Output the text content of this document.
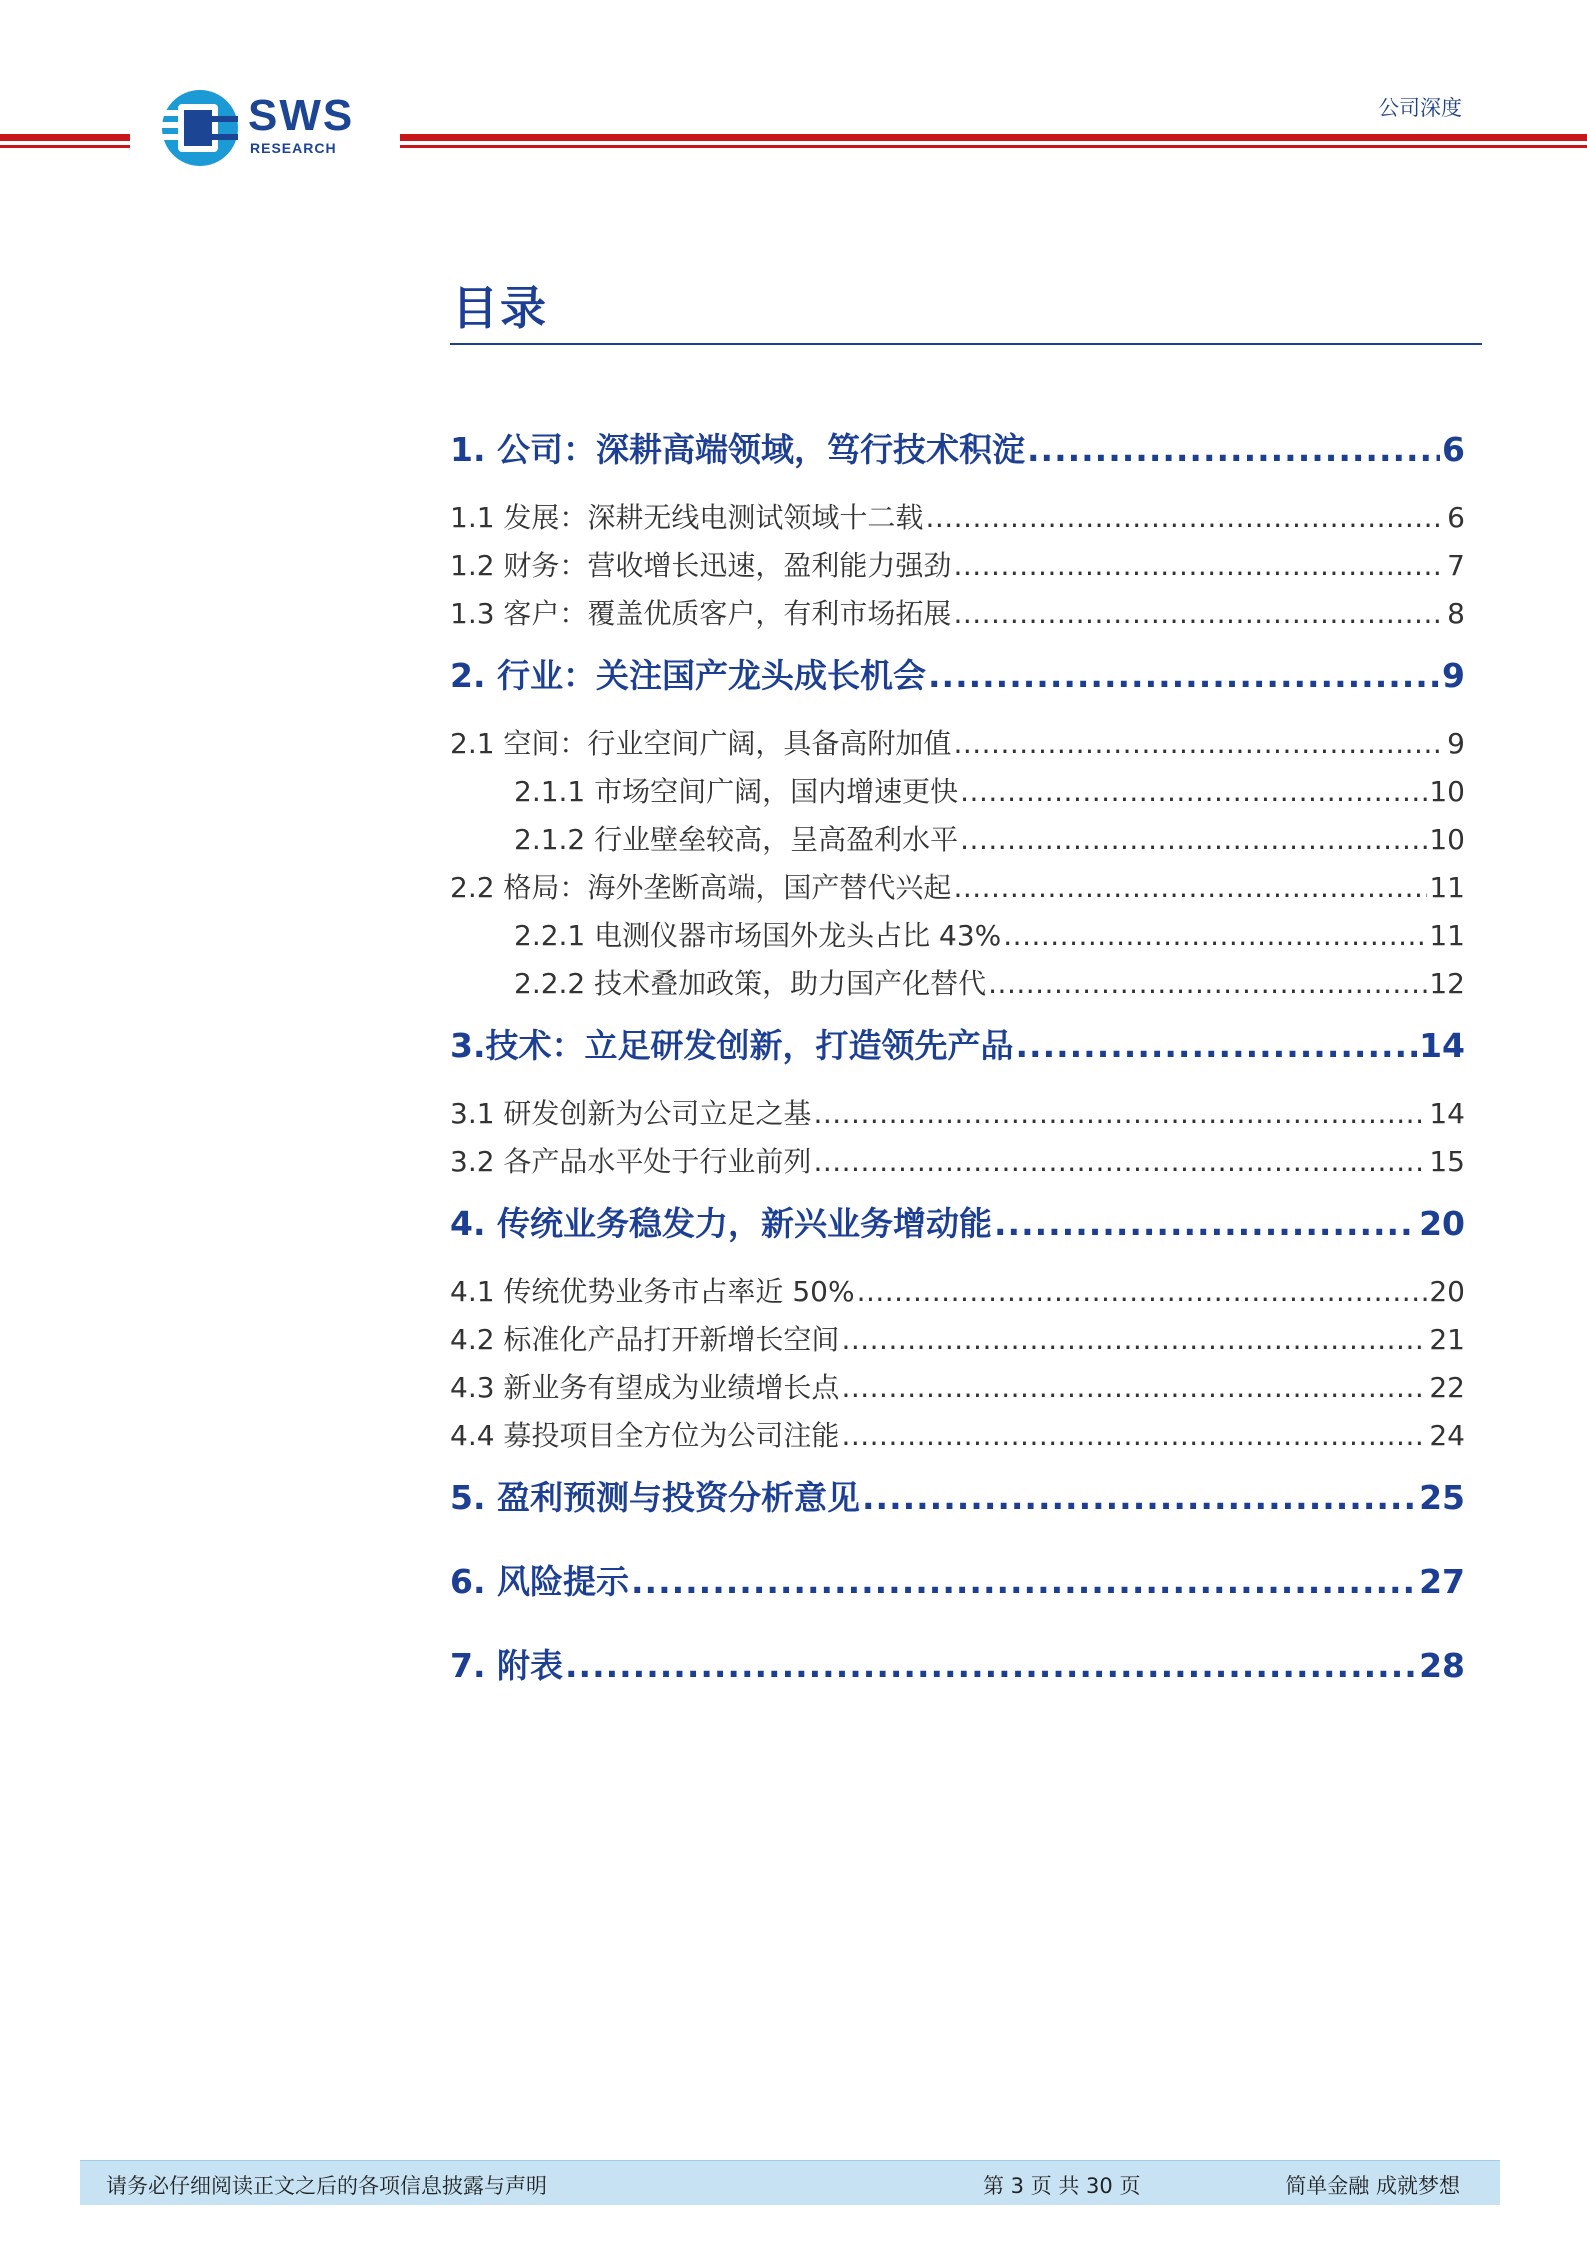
SWS
RESEARCH
公司深度
目录
1. 公司：深耕高端领域，笃行技术积淀 .....	6
1.1 发展：深耕无线电测试领域十二载 .....	6
1.2 财务：营收增长迅速，盈利能力强劲 .....	7
1.3 客户：覆盖优质客户，有利市场拓展 .....	8
2. 行业：关注国产龙头成长机会 .....	9
2.1 空间：行业空间广阔，具备高附加值 .....	9
2.1.1 市场空间广阔，国内增速更快 .....	10
2.1.2 行业壁垒较高，呈高盈利水平 .....	10
2.2 格局：海外垄断高端，国产替代兴起 .....	11
2.2.1 电测仪器市场国外龙头占比 43% .....	11
2.2.2 技术叠加政策，助力国产化替代 .....	12
3.技术：立足研发创新，打造领先产品 .....	14
3.1 研发创新为公司立足之基 .....	14
3.2 各产品水平处于行业前列 .....	15
4. 传统业务稳发力，新兴业务增动能 .....	20
4.1 传统优势业务市占率近 50% .....	20
4.2 标准化产品打开新增长空间 .....	21
4.3 新业务有望成为业绩增长点 .....	22
4.4 募投项目全方位为公司注能 .....	24
5. 盈利预测与投资分析意见 .....	25
6. 风险提示 .....	27
7. 附表 .....	28
请务必仔细阅读正文之后的各项信息披露与声明	第 3 页 共 30 页	简单金融 成就梦想
